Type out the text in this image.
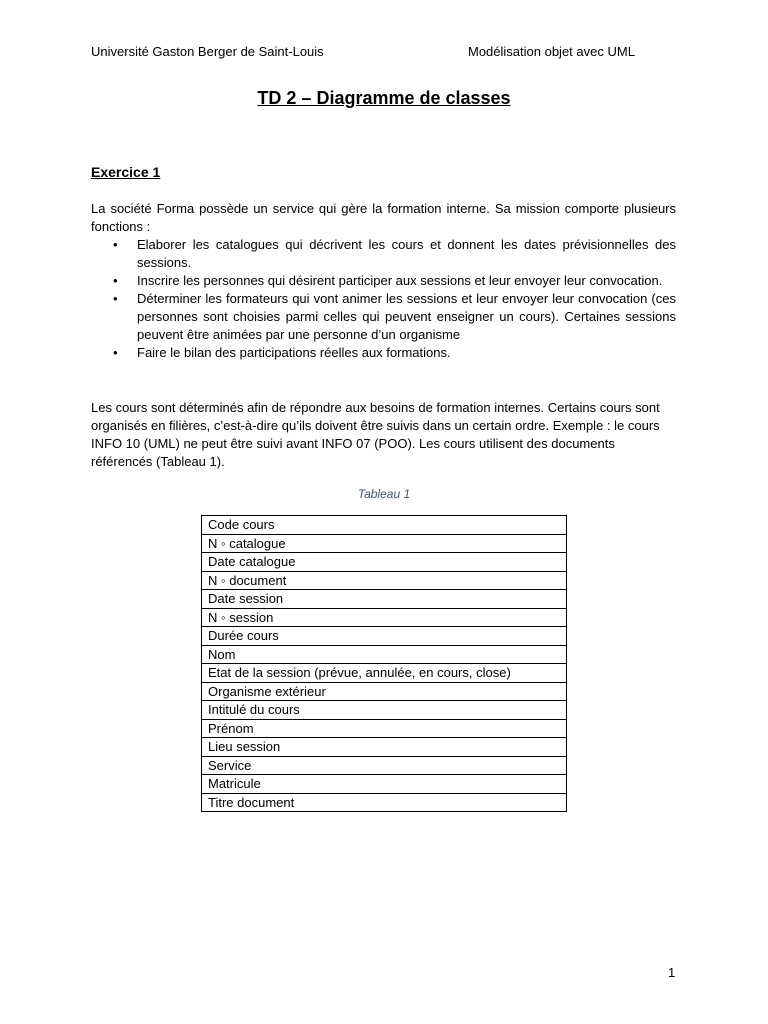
Université Gaston Berger de Saint-Louis	Modélisation objet avec UML
TD 2 – Diagramme de classes
Exercice 1
La société Forma possède un service qui gère la formation interne. Sa mission comporte plusieurs fonctions :
• Elaborer les catalogues qui décrivent les cours et donnent les dates prévisionnelles des sessions.
• Inscrire les personnes qui désirent participer aux sessions et leur envoyer leur convocation.
• Déterminer les formateurs qui vont animer les sessions et leur envoyer leur convocation (ces personnes sont choisies parmi celles qui peuvent enseigner un cours). Certaines sessions peuvent être animées par une personne d’un organisme
• Faire le bilan des participations réelles aux formations.
Les cours sont déterminés afin de répondre aux besoins de formation internes. Certains cours sont organisés en filières, c’est-à-dire qu’ils doivent être suivis dans un certain ordre. Exemple : le cours INFO 10 (UML) ne peut être suivi avant INFO 07 (POO). Les cours utilisent des documents référencés (Tableau 1).
Tableau 1
Code cours
N ◦ catalogue
Date catalogue
N ◦ document
Date session
N ◦ session
Durée cours
Nom
Etat de la session (prévue, annulée, en cours, close)
Organisme extérieur
Intitulé du cours
Prénom
Lieu session
Service
Matricule
Titre document
1
